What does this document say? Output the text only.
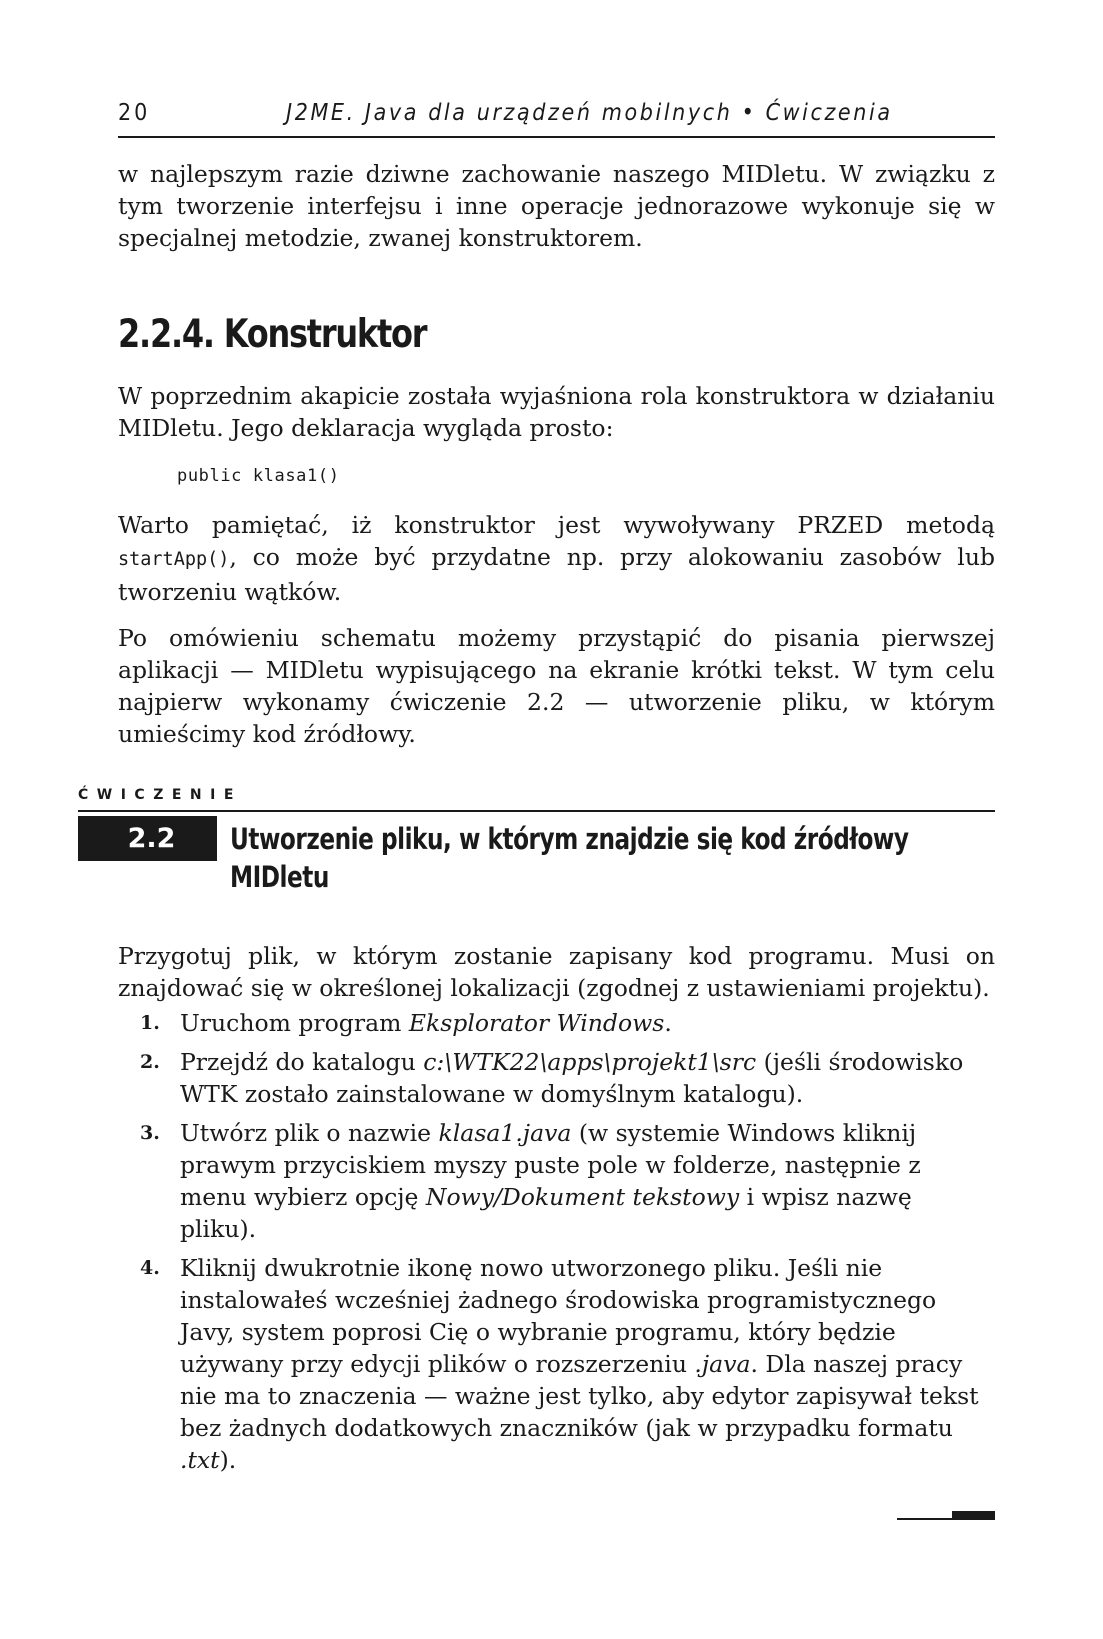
20	J2ME. Java dla urządzeń mobilnych • Ćwiczenia

w najlepszym razie dziwne zachowanie naszego MIDletu. W związku z tym tworzenie interfejsu i inne operacje jednorazowe wykonuje się w specjalnej metodzie, zwanej konstruktorem.

2.2.4. Konstruktor

W poprzednim akapicie została wyjaśniona rola konstruktora w działaniu MIDletu. Jego deklaracja wygląda prosto:

public klasa1()

Warto pamiętać, iż konstruktor jest wywoływany PRZED metodą startApp(), co może być przydatne np. przy alokowaniu zasobów lub tworzeniu wątków.

Po omówieniu schematu możemy przystąpić do pisania pierwszej aplikacji — MIDletu wypisującego na ekranie krótki tekst. W tym celu najpierw wykonamy ćwiczenie 2.2 — utworzenie pliku, w którym umieścimy kod źródłowy.

ĆWICZENIE
2.2	Utworzenie pliku, w którym znajdzie się kod źródłowy MIDletu

Przygotuj plik, w którym zostanie zapisany kod programu. Musi on znajdować się w określonej lokalizacji (zgodnej z ustawieniami projektu).

1. Uruchom program Eksplorator Windows.
2. Przejdź do katalogu c:\WTK22\apps\projekt1\src (jeśli środowisko WTK zostało zainstalowane w domyślnym katalogu).
3. Utwórz plik o nazwie klasa1.java (w systemie Windows kliknij prawym przyciskiem myszy puste pole w folderze, następnie z menu wybierz opcję Nowy/Dokument tekstowy i wpisz nazwę pliku).
4. Kliknij dwukrotnie ikonę nowo utworzonego pliku. Jeśli nie instalowałeś wcześniej żadnego środowiska programistycznego Javy, system poprosi Cię o wybranie programu, który będzie używany przy edycji plików o rozszerzeniu .java. Dla naszej pracy nie ma to znaczenia — ważne jest tylko, aby edytor zapisywał tekst bez żadnych dodatkowych znaczników (jak w przypadku formatu .txt).
